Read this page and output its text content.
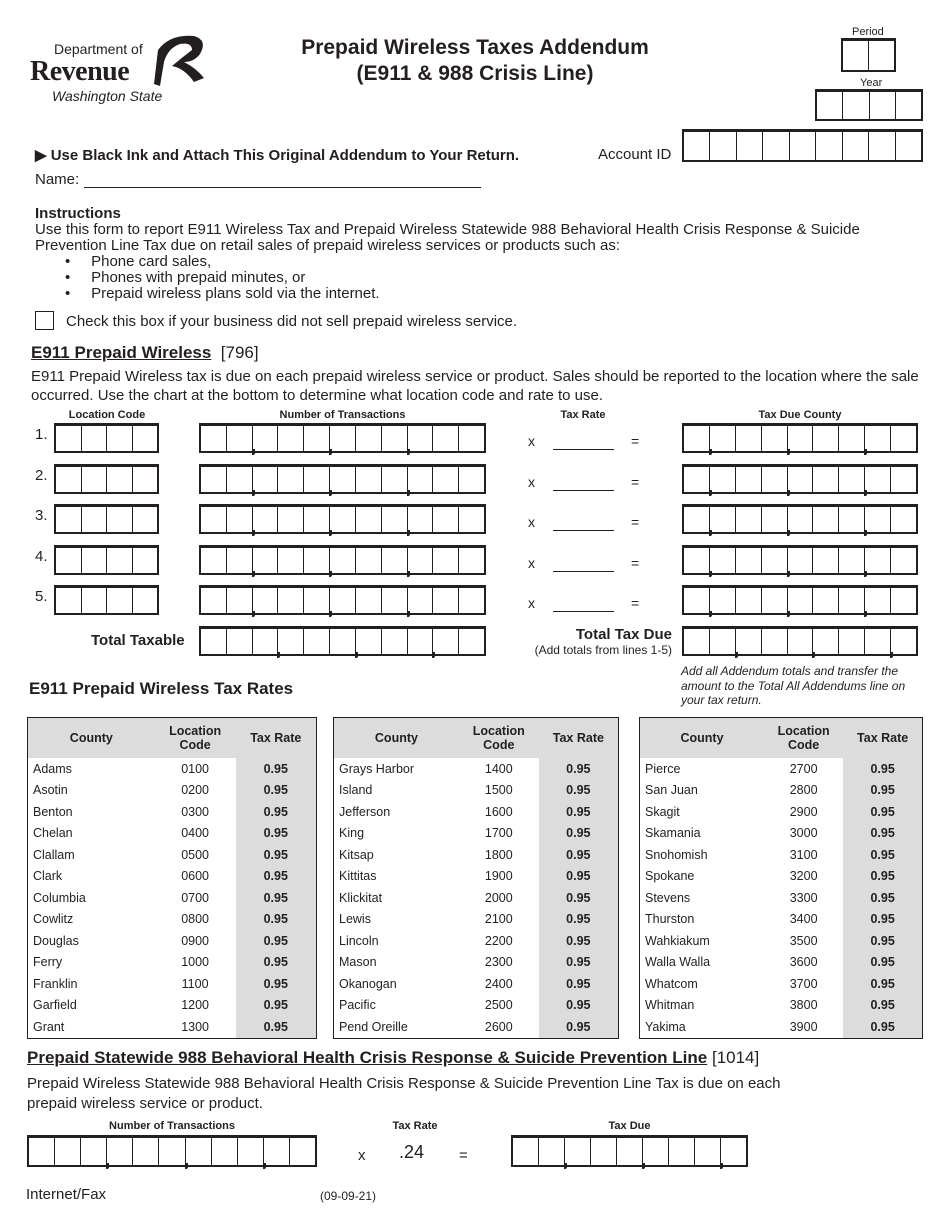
Department of
Revenue
Washington State
Prepaid Wireless Taxes Addendum
(E911 & 988 Crisis Line)
Period
Year
Account ID
▶ Use Black Ink and Attach This Original Addendum to Your Return.
Name:
Instructions
Use this form to report E911 Wireless Tax and Prepaid Wireless Statewide 988 Behavioral Health Crisis Response & Suicide Prevention Line Tax due on retail sales of prepaid wireless services or products such as:
•     Phone card sales,
•     Phones with prepaid minutes, or
•     Prepaid wireless plans sold via the internet.
Check this box if your business did not sell prepaid wireless service.
E911 Prepaid Wireless [796]
E911 Prepaid Wireless tax is due on each prepaid wireless service or product. Sales should be reported to the location where the sale occurred. Use the chart at the bottom to determine what location code and rate to use.
Location Code	Number of Transactions	Tax Rate	Tax Due County
1.	x	=
2.	x	=
3.	x	=
4.	x	=
5.	x	=
Total Taxable	Total Tax Due
(Add totals from lines 1-5)
Add all Addendum totals and transfer the amount to the Total All Addendums line on your tax return.
E911 Prepaid Wireless Tax Rates
County	Location Code	Tax Rate
Adams	0100	0.95
Asotin	0200	0.95
Benton	0300	0.95
Chelan	0400	0.95
Clallam	0500	0.95
Clark	0600	0.95
Columbia	0700	0.95
Cowlitz	0800	0.95
Douglas	0900	0.95
Ferry	1000	0.95
Franklin	1100	0.95
Garfield	1200	0.95
Grant	1300	0.95
County	Location Code	Tax Rate
Grays Harbor	1400	0.95
Island	1500	0.95
Jefferson	1600	0.95
King	1700	0.95
Kitsap	1800	0.95
Kittitas	1900	0.95
Klickitat	2000	0.95
Lewis	2100	0.95
Lincoln	2200	0.95
Mason	2300	0.95
Okanogan	2400	0.95
Pacific	2500	0.95
Pend Oreille	2600	0.95
County	Location Code	Tax Rate
Pierce	2700	0.95
San Juan	2800	0.95
Skagit	2900	0.95
Skamania	3000	0.95
Snohomish	3100	0.95
Spokane	3200	0.95
Stevens	3300	0.95
Thurston	3400	0.95
Wahkiakum	3500	0.95
Walla Walla	3600	0.95
Whatcom	3700	0.95
Whitman	3800	0.95
Yakima	3900	0.95
Prepaid Statewide 988 Behavioral Health Crisis Response & Suicide Prevention Line [1014]
Prepaid Wireless Statewide 988 Behavioral Health Crisis Response & Suicide Prevention Line Tax is due on each prepaid wireless service or product.
Number of Transactions	Tax Rate	Tax Due
x .24 =
Internet/Fax	(09-09-21)
